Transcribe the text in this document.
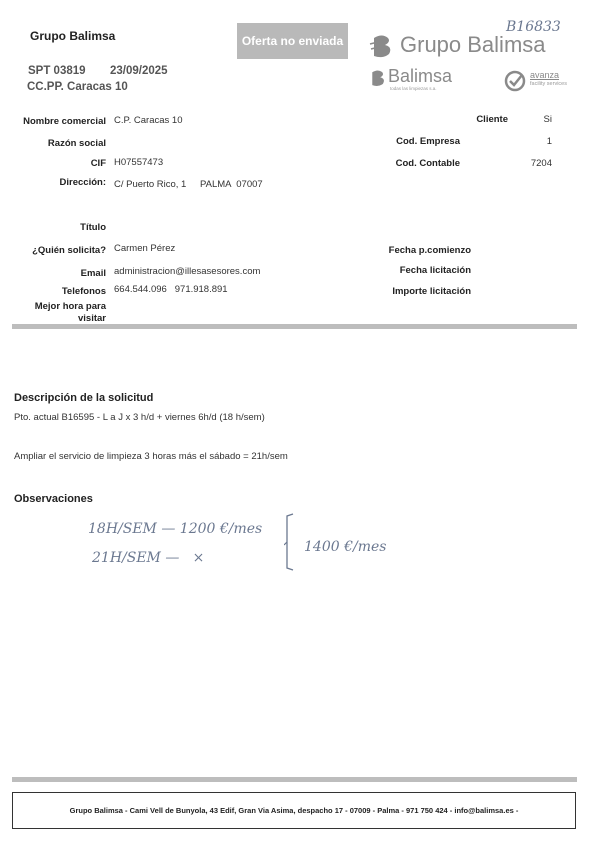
Grupo Balimsa	Oferta no enviada
SPT 03819 23/09/2025
CC.PP. Caracas 10
B16833
Grupo Balimsa
Balimsa
todas las limpiezas s.a.
avanza
facility services
Nombre comercial C.P. Caracas 10
Razón social
CIF H07557473
Dirección: C/ Puerto Rico, 1 PALMA  07007
Cliente	Si
Cod. Empresa	1
Cod. Contable	7204
Título
¿Quién solicita? Carmen Pérez
Email administracion@illesasesores.com
Telefonos 664.544.096   971.918.891
Mejor hora para
visitar
Fecha p.comienzo
Fecha licitación
Importe licitación
Descripción de la solicitud
Pto. actual B16595 - L a J x 3 h/d + viernes 6h/d (18 h/sem)
Ampliar el servicio de limpieza 3 horas más el sábado = 21h/sem
Observaciones
18H/SEM — 1200 €/mes
21H/SEM —   ×
1400 €/mes
Grupo Balimsa - Cami Vell de Bunyola, 43 Edif, Gran Via Asima, despacho 17 - 07009 - Palma - 971 750 424 - info@balimsa.es -
